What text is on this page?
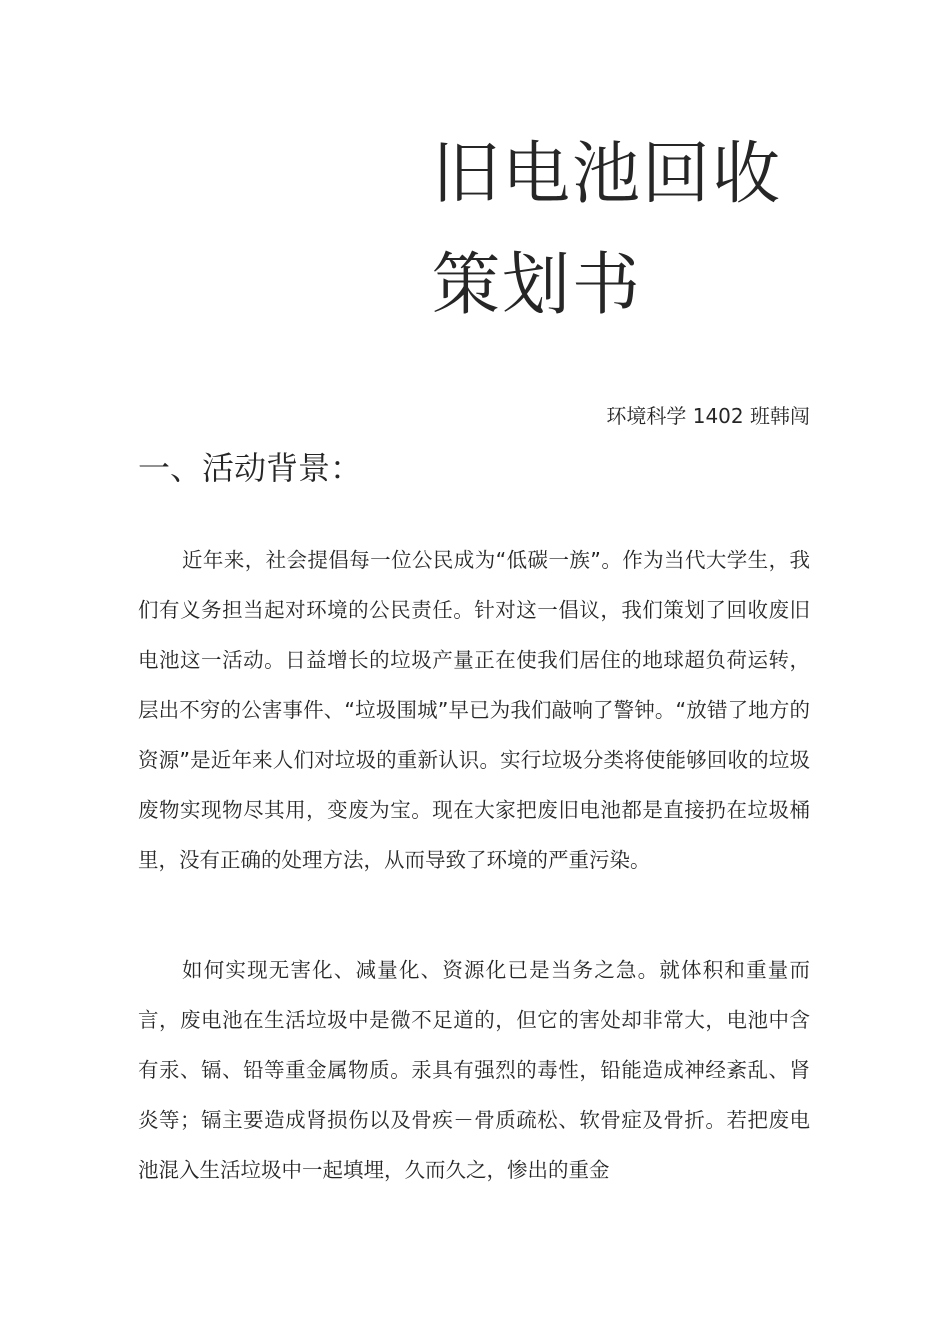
旧电池回收
策划书
环境科学 1402 班韩闯
一、活动背景：

近年来，社会提倡每一位公民成为“低碳一族”。作为当代大学生，我们有义务担当起对环境的公民责任。针对这一倡议，我们策划了回收废旧电池这一活动。日益增长的垃圾产量正在使我们居住的地球超负荷运转，层出不穷的公害事件、“垃圾围城”早已为我们敲响了警钟。“放错了地方的资源”是近年来人们对垃圾的重新认识。实行垃圾分类将使能够回收的垃圾废物实现物尽其用，变废为宝。现在大家把废旧电池都是直接扔在垃圾桶里，没有正确的处理方法，从而导致了环境的严重污染。

如何实现无害化、减量化、资源化已是当务之急。就体积和重量而言，废电池在生活垃圾中是微不足道的，但它的害处却非常大，电池中含有汞、镉、铅等重金属物质。汞具有强烈的毒性，铅能造成神经紊乱、肾炎等；镉主要造成肾损伤以及骨疾－骨质疏松、软骨症及骨折。若把废电池混入生活垃圾中一起填埋，久而久之，惨出的重金
